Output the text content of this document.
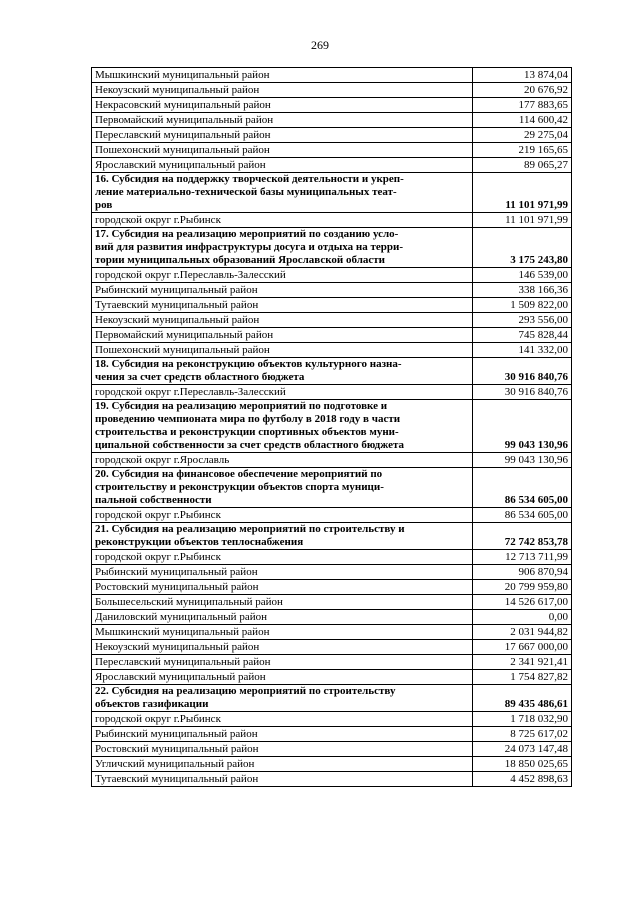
269
Мышкинский муниципальный район	13 874,04
Некоузский муниципальный район	20 676,92
Некрасовский муниципальный район	177 883,65
Первомайский муниципальный район	114 600,42
Переславский муниципальный район	29 275,04
Пошехонский муниципальный район	219 165,65
Ярославский муниципальный район	89 065,27

16. Субсидия на поддержку творческой деятельности и укреп-
ление материально-технической базы муниципальных теат-
ров	11 101 971,99
городской округ г.Рыбинск	11 101 971,99

17. Субсидия на реализацию мероприятий по созданию усло-
вий для развития инфраструктуры досуга и отдыха на терри-
тории муниципальных образований Ярославской области	3 175 243,80
городской округ г.Переславль-Залесский	146 539,00
Рыбинский муниципальный район	338 166,36
Тутаевский муниципальный район	1 509 822,00
Некоузский муниципальный район	293 556,00
Первомайский муниципальный район	745 828,44
Пошехонский муниципальный район	141 332,00

18. Субсидия на реконструкцию объектов культурного назна-
чения за счет средств областного бюджета	30 916 840,76
городской округ г.Переславль-Залесский	30 916 840,76

19. Субсидия на реализацию мероприятий по подготовке и
проведению чемпионата мира по футболу в 2018 году в части
строительства и реконструкции спортивных объектов муни-
ципальной собственности за счет средств областного бюджета	99 043 130,96
городской округ г.Ярославль	99 043 130,96

20. Субсидия на финансовое обеспечение мероприятий по
строительству и реконструкции объектов спорта муници-
пальной собственности	86 534 605,00
городской округ г.Рыбинск	86 534 605,00

21. Субсидия на реализацию мероприятий по строительству и
реконструкции объектов теплоснабжения	72 742 853,78
городской округ г.Рыбинск	12 713 711,99
Рыбинский муниципальный район	906 870,94
Ростовский муниципальный район	20 799 959,80
Большесельский муниципальный район	14 526 617,00
Даниловский муниципальный район	0,00
Мышкинский муниципальный район	2 031 944,82
Некоузский муниципальный район	17 667 000,00
Переславский муниципальный район	2 341 921,41
Ярославский муниципальный район	1 754 827,82

22. Субсидия на реализацию мероприятий по строительству
объектов газификации	89 435 486,61
городской округ г.Рыбинск	1 718 032,90
Рыбинский муниципальный район	8 725 617,02
Ростовский муниципальный район	24 073 147,48
Угличский муниципальный район	18 850 025,65
Тутаевский муниципальный район	4 452 898,63
